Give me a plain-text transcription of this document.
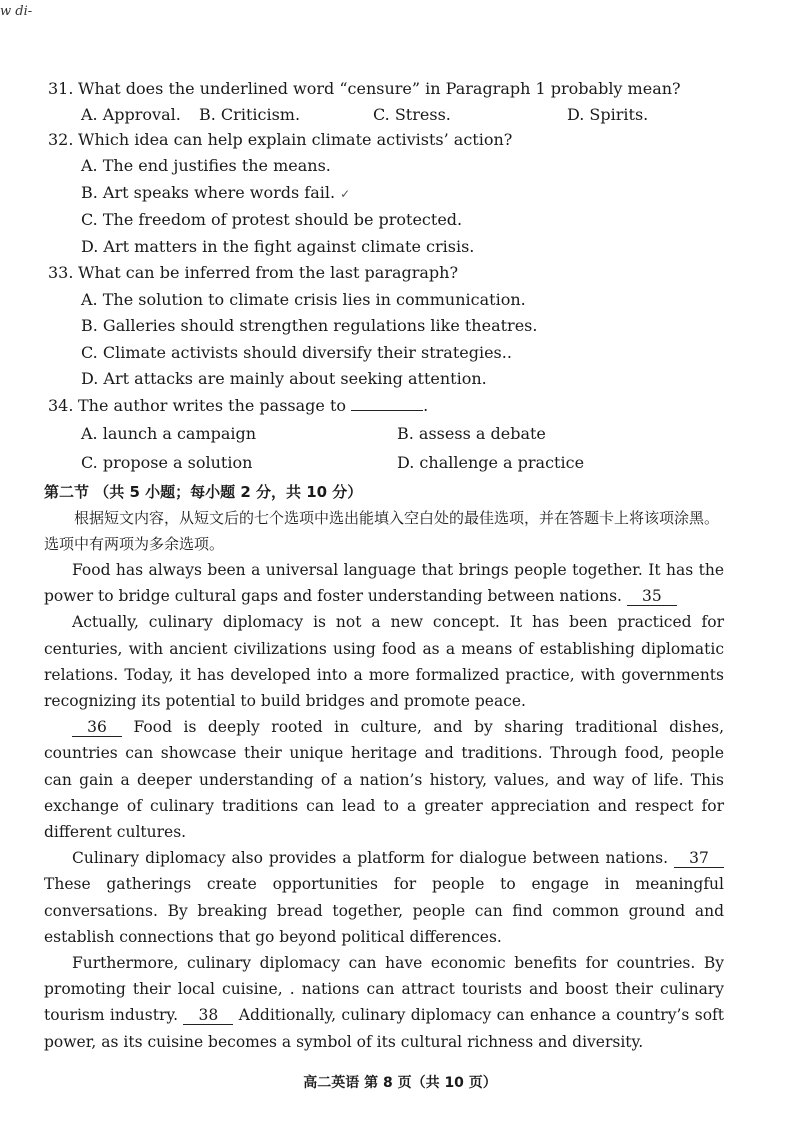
w di-

31. What does the underlined word “censure” in Paragraph 1 probably mean?

A. Approval.	B. Criticism.	C. Stress.	D. Spirits.

32. Which idea can help explain climate activists’ action?

A. The end justifies the means.

B. Art speaks where words fail. ✓

C. The freedom of protest should be protected.

D. Art matters in the fight against climate crisis.

33. What can be inferred from the last paragraph?

A. The solution to climate crisis lies in communication.

B. Galleries should strengthen regulations like theatres.

C. Climate activists should diversify their strategies..

D. Art attacks are mainly about seeking attention.

34. The author writes the passage to	.

A. launch a campaign	B. assess a debate
C. propose a solution	D. challenge a practice
第二节 （共 5 小题；每小题 2 分，共 10 分）

根据短文内容，从短文后的七个选项中选出能填入空白处的最佳选项，并在答题卡上将该项涂黑。选项中有两项为多余选项。

Food has always been a universal language that brings people together. It has the power to bridge cultural gaps and foster understanding between nations. 35

Actually, culinary diplomacy is not a new concept. It has been practiced for centuries, with ancient civilizations using food as a means of establishing diplomatic relations. Today, it has developed into a more formalized practice, with governments recognizing its potential to build bridges and promote peace.

36 Food is deeply rooted in culture, and by sharing traditional dishes, countries can showcase their unique heritage and traditions. Through food, people can gain a deeper understanding of a nation’s history, values, and way of life. This exchange of culinary traditions can lead to a greater appreciation and respect for different cultures.

Culinary diplomacy also provides a platform for dialogue between nations. 37 These gatherings create opportunities for people to engage in meaningful conversations. By breaking bread together, people can find common ground and establish connections that go beyond political differences.

Furthermore, culinary diplomacy can have economic benefits for countries. By promoting their local cuisine, . nations can attract tourists and boost their culinary tourism industry. 38 Additionally, culinary diplomacy can enhance a country’s soft power, as its cuisine becomes a symbol of its cultural richness and diversity.

高二英语 第 8 页（共 10 页）
